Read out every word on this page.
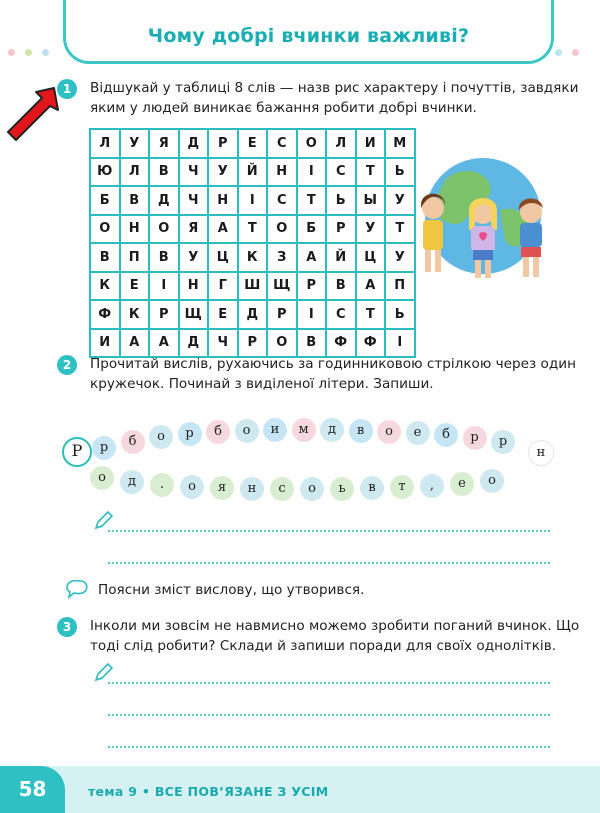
Чому добрі вчинки важливі?
1	Відшукай у таблиці 8 слів — назв рис характеру і почуттів, завдяки
яким у людей виникає бажання робити добрі вчинки.
Л	У	Я	Д	Р	Е	С	О	Л	И	М
Ю	Л	В	Ч	У	Й	Н	І	С	Т	Ь
Б	В	Д	Ч	Н	І	С	Т	Ь	Ы	У
О	Н	О	Я	А	Т	О	Б	Р	У	Т
В	П	В	У	Ц	К	З	А	Й	Ц	У
К	Е	І	Н	Г	Ш	Щ	Р	В	А	П
Ф	К	Р	Щ	Е	Д	Р	І	С	Т	Ь
И	А	А	Д	Ч	Р	О	В	Ф	Ф	І
2	Прочитай вислів, рухаючись за годинниковою стрілкою через один
кружечок. Починай з виділеної літери. Запиши.
Р	р	б	о	р	б	о	и	м	д	в	о	е	б	р	р
н
о	д	.	о	я	н	с	о	ь	в	т	,	е	о
Поясни зміст вислову, що утворився.
3	Інколи ми зовсім не навмисно можемо зробити поганий вчинок. Що
тоді слід робити? Склади й запиши поради для своїх однолітків.
58	тема 9 • ВСЕ ПОВ’ЯЗАНЕ З УСІМ
